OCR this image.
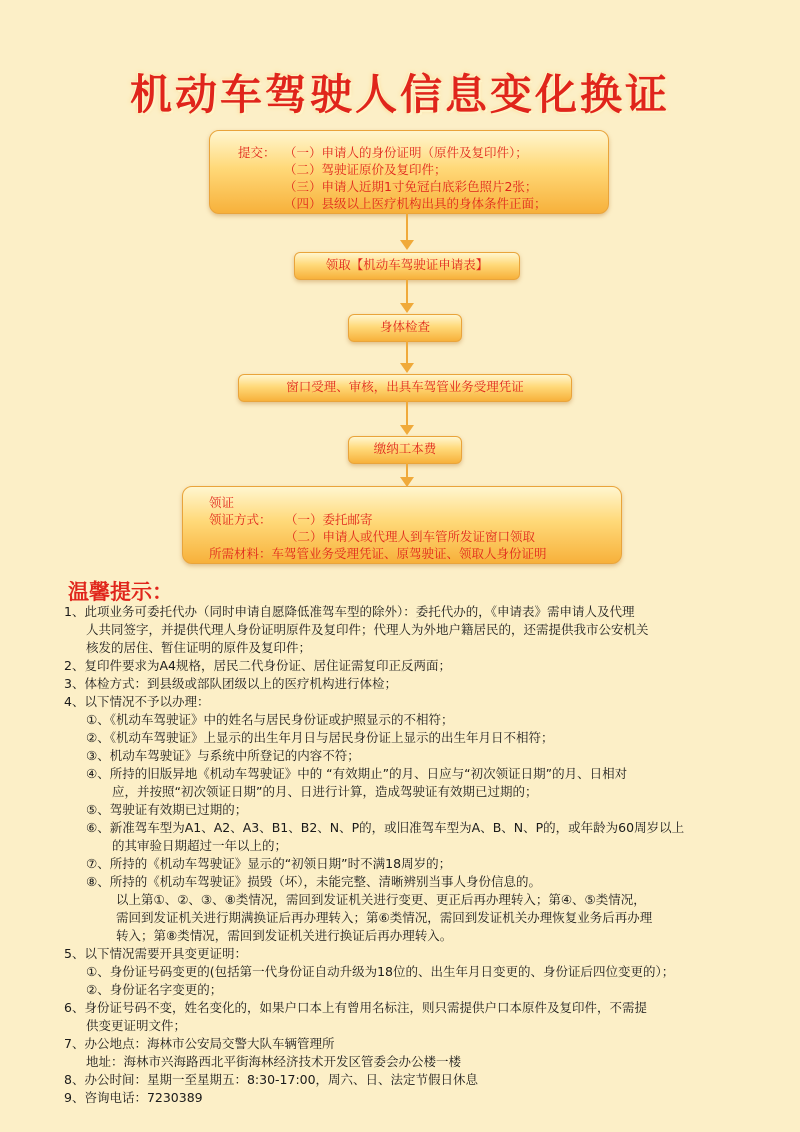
机动车驾驶人信息变化换证
提交： （一）申请人的身份证明（原件及复印件）；
（二）驾驶证原价及复印件；
（三）申请人近期1寸免冠白底彩色照片2张；
（四）县级以上医疗机构出具的身体条件正面；
领取【机动车驾驶证申请表】
身体检查
窗口受理、审核，出具车驾管业务受理凭证
缴纳工本费
领证
领证方式： （一）委托邮寄
（二）申请人或代理人到车管所发证窗口领取
所需材料：车驾管业务受理凭证、原驾驶证、领取人身份证明
温馨提示：
1、此项业务可委托代办（同时申请自愿降低准驾车型的除外）：委托代办的，《申请表》需申请人及代理
人共同签字，并提供代理人身份证明原件及复印件；代理人为外地户籍居民的，还需提供我市公安机关
核发的居住、暂住证明的原件及复印件；
2、复印件要求为A4规格，居民二代身份证、居住证需复印正反两面；
3、体检方式：到县级或部队团级以上的医疗机构进行体检；
4、以下情况不予以办理：
①、《机动车驾驶证》中的姓名与居民身份证或护照显示的不相符；
②、《机动车驾驶证》上显示的出生年月日与居民身份证上显示的出生年月日不相符；
③、机动车驾驶证》与系统中所登记的内容不符；
④、所持的旧版异地《机动车驾驶证》中的 “有效期止”的月、日应与“初次领证日期”的月、日相对
应，并按照“初次领证日期”的月、日进行计算，造成驾驶证有效期已过期的；
⑤、驾驶证有效期已过期的；
⑥、新准驾车型为A1、A2、A3、B1、B2、N、P的，或旧准驾车型为A、B、N、P的，或年龄为60周岁以上
的其审验日期超过一年以上的；
⑦、所持的《机动车驾驶证》显示的“初领日期”时不满18周岁的；
⑧、所持的《机动车驾驶证》损毁（坏），未能完整、清晰辨别当事人身份信息的。
以上第①、②、③、⑧类情况，需回到发证机关进行变更、更正后再办理转入；第④、⑤类情况，
需回到发证机关进行期满换证后再办理转入；第⑥类情况，需回到发证机关办理恢复业务后再办理
转入；第⑧类情况，需回到发证机关进行换证后再办理转入。
5、以下情况需要开具变更证明：
①、身份证号码变更的(包括第一代身份证自动升级为18位的、出生年月日变更的、身份证后四位变更的）；
②、身份证名字变更的；
6、身份证号码不变，姓名变化的，如果户口本上有曾用名标注，则只需提供户口本原件及复印件，不需提
供变更证明文件；
7、办公地点：海林市公安局交警大队车辆管理所
地址：海林市兴海路西北平街海林经济技术开发区管委会办公楼一楼
8、办公时间：星期一至星期五：8:30-17:00，周六、日、法定节假日休息
9、咨询电话：7230389
